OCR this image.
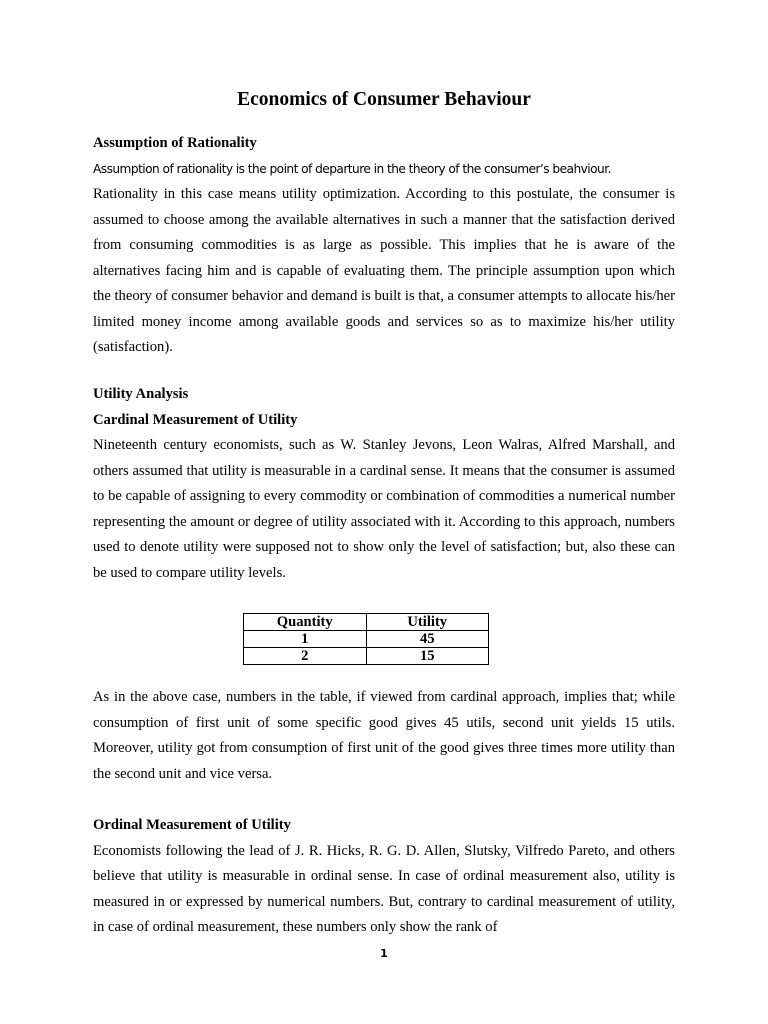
Economics of Consumer Behaviour

Assumption of Rationality

Assumption of rationality is the point of departure in the theory of the consumer’s beahviour.

Rationality in this case means utility optimization. According to this postulate, the consumer is assumed to choose among the available alternatives in such a manner that the satisfaction derived from consuming commodities is as large as possible. This implies that he is aware of the alternatives facing him and is capable of evaluating them. The principle assumption upon which the theory of consumer behavior and demand is built is that, a consumer attempts to allocate his/her limited money income among available goods and services so as to maximize his/her utility (satisfaction).

Utility Analysis

Cardinal Measurement of Utility

Nineteenth century economists, such as W. Stanley Jevons, Leon Walras, Alfred Marshall, and others assumed that utility is measurable in a cardinal sense. It means that the consumer is assumed to be capable of assigning to every commodity or combination of commodities a numerical number representing the amount or degree of utility associated with it. According to this approach, numbers used to denote utility were supposed not to show only the level of satisfaction; but, also these can be used to compare utility levels.

Quantity	Utility
1	45
2	15

As in the above case, numbers in the table, if viewed from cardinal approach, implies that; while consumption of first unit of some specific good gives 45 utils, second unit yields 15 utils. Moreover, utility got from consumption of first unit of the good gives three times more utility than the second unit and vice versa.

Ordinal Measurement of Utility

Economists following the lead of J. R. Hicks, R. G. D. Allen, Slutsky, Vilfredo Pareto, and others believe that utility is measurable in ordinal sense. In case of ordinal measurement also, utility is measured in or expressed by numerical numbers. But, contrary to cardinal measurement of utility, in case of ordinal measurement, these numbers only show the rank of

1
